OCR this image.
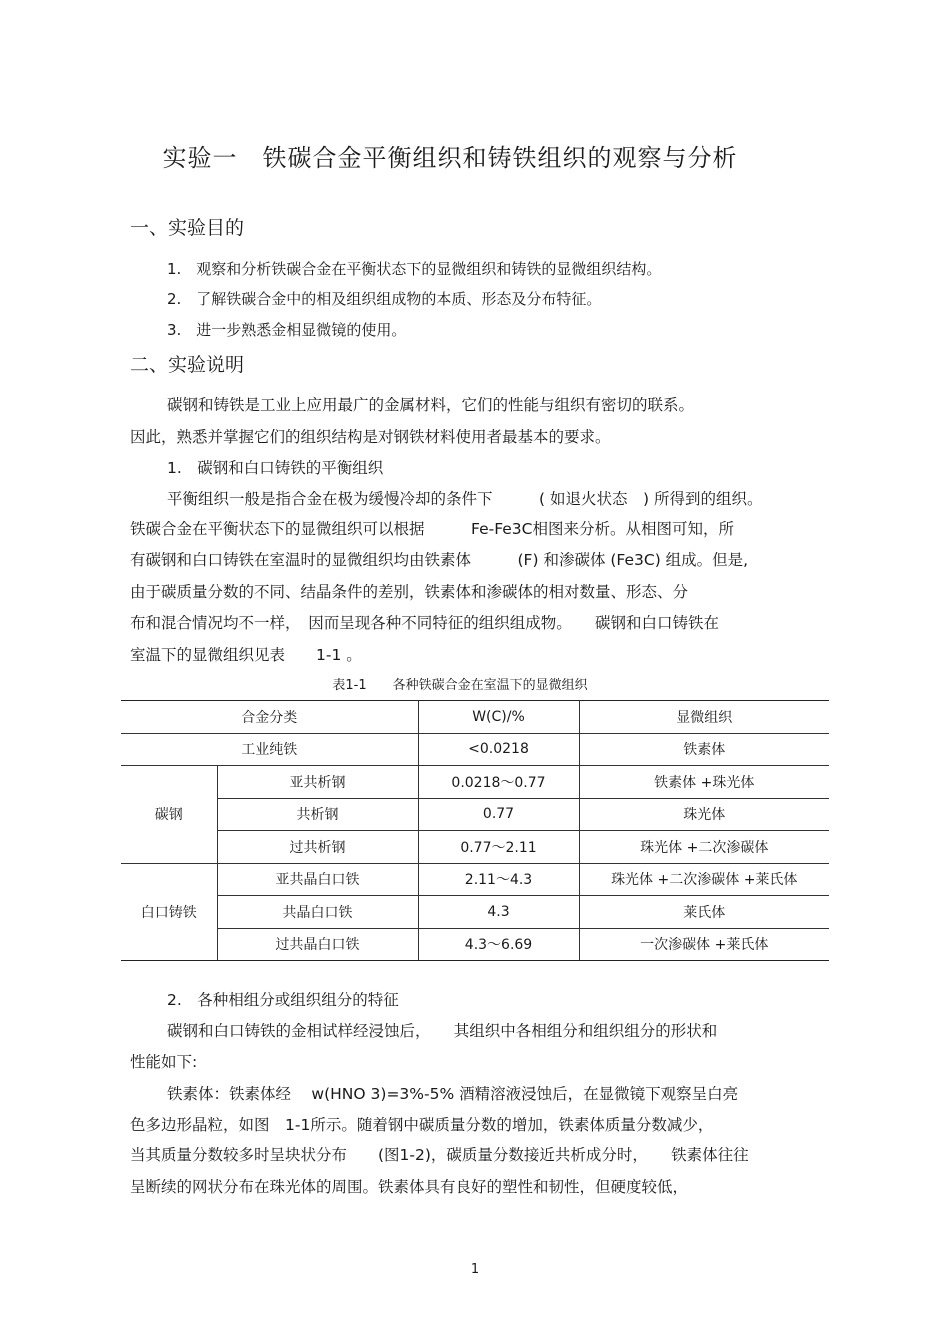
实验一　铁碳合金平衡组织和铸铁组织的观察与分析
一、实验目的
1.　观察和分析铁碳合金在平衡状态下的显微组织和铸铁的显微组织结构。
2.　了解铁碳合金中的相及组织组成物的本质、形态及分布特征。
3.　进一步熟悉金相显微镜的使用。
二、实验说明
碳钢和铸铁是工业上应用最广的金属材料，它们的性能与组织有密切的联系。
因此，熟悉并掌握它们的组织结构是对钢铁材料使用者最基本的要求。
1.　碳钢和白口铸铁的平衡组织
平衡组织一般是指合金在极为缓慢冷却的条件下　　　( 如退火状态　) 所得到的组织。
铁碳合金在平衡状态下的显微组织可以根据　　　Fe-Fe3C相图来分析。从相图可知，所
有碳钢和白口铸铁在室温时的显微组织均由铁素体　　　(F) 和渗碳体 (Fe3C) 组成。但是,
由于碳质量分数的不同、结晶条件的差别，铁素体和渗碳体的相对数量、形态、分
布和混合情况均不一样，　因而呈现各种不同特征的组织组成物。　　碳钢和白口铸铁在
室温下的显微组织见表　　1-1 。
表1-1　　各种铁碳合金在室温下的显微组织
合金分类		W(C)/%	显微组织
工业纯铁		<0.0218	铁素体
碳钢	亚共析钢	0.0218～0.77	铁素体 +珠光体
	共析钢	0.77	珠光体
	过共析钢	0.77～2.11	珠光体 +二次渗碳体
白口铸铁	亚共晶白口铁	2.11～4.3	珠光体 +二次渗碳体 +莱氏体
	共晶白口铁	4.3	莱氏体
	过共晶白口铁	4.3～6.69	一次渗碳体 +莱氏体
2.　各种相组分或组织组分的特征
碳钢和白口铸铁的金相试样经浸蚀后，　　其组织中各相组分和组织组分的形状和
性能如下:
铁素体：铁素体经　 w(HNO 3)=3%-5% 酒精溶液浸蚀后，在显微镜下观察呈白亮
色多边形晶粒，如图　1-1所示。随着钢中碳质量分数的增加，铁素体质量分数减少，
当其质量分数较多时呈块状分布　　(图1-2)，碳质量分数接近共析成分时，　　铁素体往往
呈断续的网状分布在珠光体的周围。铁素体具有良好的塑性和韧性，但硬度较低，
1
